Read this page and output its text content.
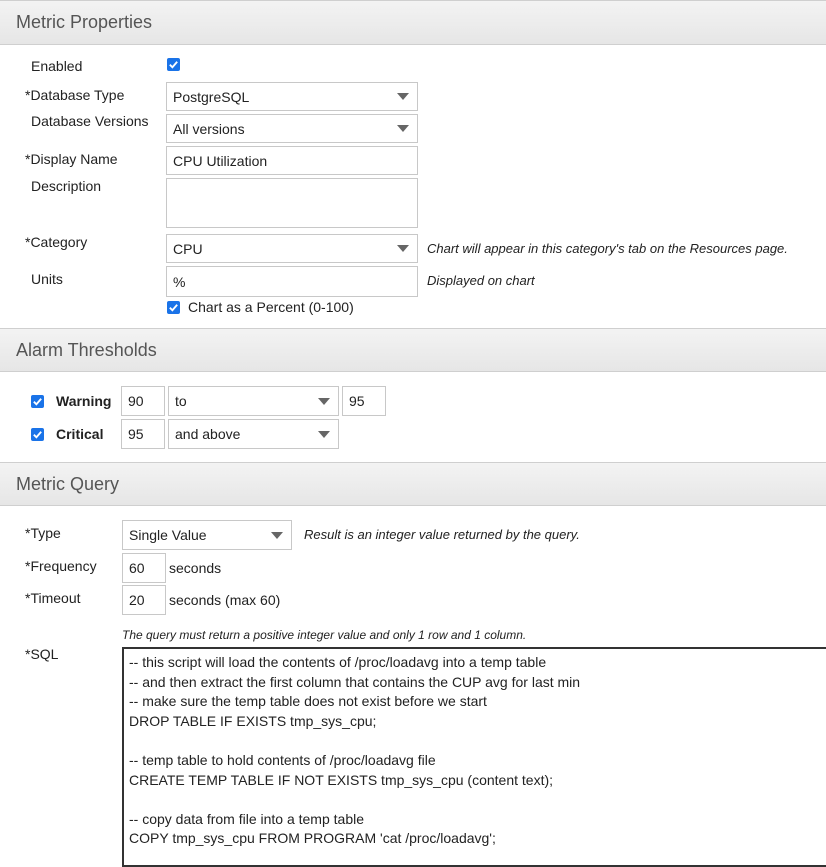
Metric Properties
Enabled
*Database Type	PostgreSQL
Database Versions All versions
*Display Name	CPU Utilization
Description
*Category	CPU	Chart will appear in this category's tab on the Resources page.
Units	%	Displayed on chart
Chart as a Percent (0-100)
Alarm Thresholds
Warning 90 to	95
Critical 95 and above
Metric Query
*Type	Single Value	Result is an integer value returned by the query.
*Frequency 60 seconds
*Timeout	20 seconds (max 60)
The query must return a positive integer value and only 1 row and 1 column.
*SQL	-- this script will load the contents of /proc/loadavg into a temp table
-- and then extract the first column that contains the CUP avg for last min
-- make sure the temp table does not exist before we start
DROP TABLE IF EXISTS tmp_sys_cpu;
-- temp table to hold contents of /proc/loadavg file
CREATE TEMP TABLE IF NOT EXISTS tmp_sys_cpu (content text);
-- copy data from file into a temp table
COPY tmp_sys_cpu FROM PROGRAM 'cat /proc/loadavg';
